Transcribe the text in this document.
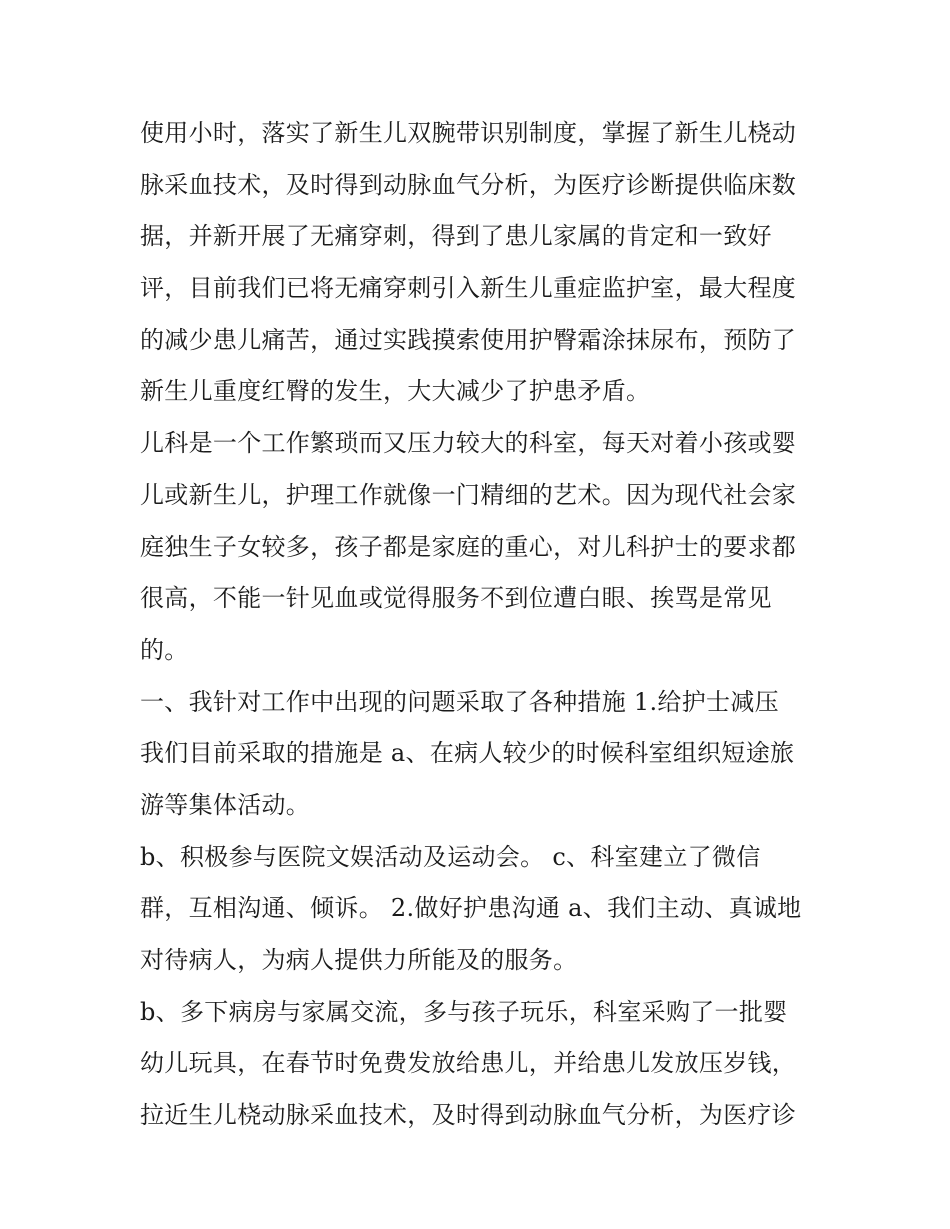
使用小时，落实了新生儿双腕带识别制度，掌握了新生儿桡动
脉采血技术，及时得到动脉血气分析，为医疗诊断提供临床数
据，并新开展了无痛穿刺，得到了患儿家属的肯定和一致好
评，目前我们已将无痛穿刺引入新生儿重症监护室，最大程度
的减少患儿痛苦，通过实践摸索使用护臀霜涂抹尿布，预防了
新生儿重度红臀的发生，大大减少了护患矛盾。
儿科是一个工作繁琐而又压力较大的科室，每天对着小孩或婴
儿或新生儿，护理工作就像一门精细的艺术。因为现代社会家
庭独生子女较多，孩子都是家庭的重心，对儿科护士的要求都
很高，不能一针见血或觉得服务不到位遭白眼、挨骂是常见
的。
一、我针对工作中出现的问题采取了各种措施 1.给护士减压
我们目前采取的措施是 a、在病人较少的时候科室组织短途旅
游等集体活动。
b、积极参与医院文娱活动及运动会。 c、科室建立了微信
群，互相沟通、倾诉。 2.做好护患沟通 a、我们主动、真诚地
对待病人，为病人提供力所能及的服务。
b、多下病房与家属交流，多与孩子玩乐，科室采购了一批婴
幼儿玩具，在春节时免费发放给患儿，并给患儿发放压岁钱，
拉近生儿桡动脉采血技术，及时得到动脉血气分析，为医疗诊
